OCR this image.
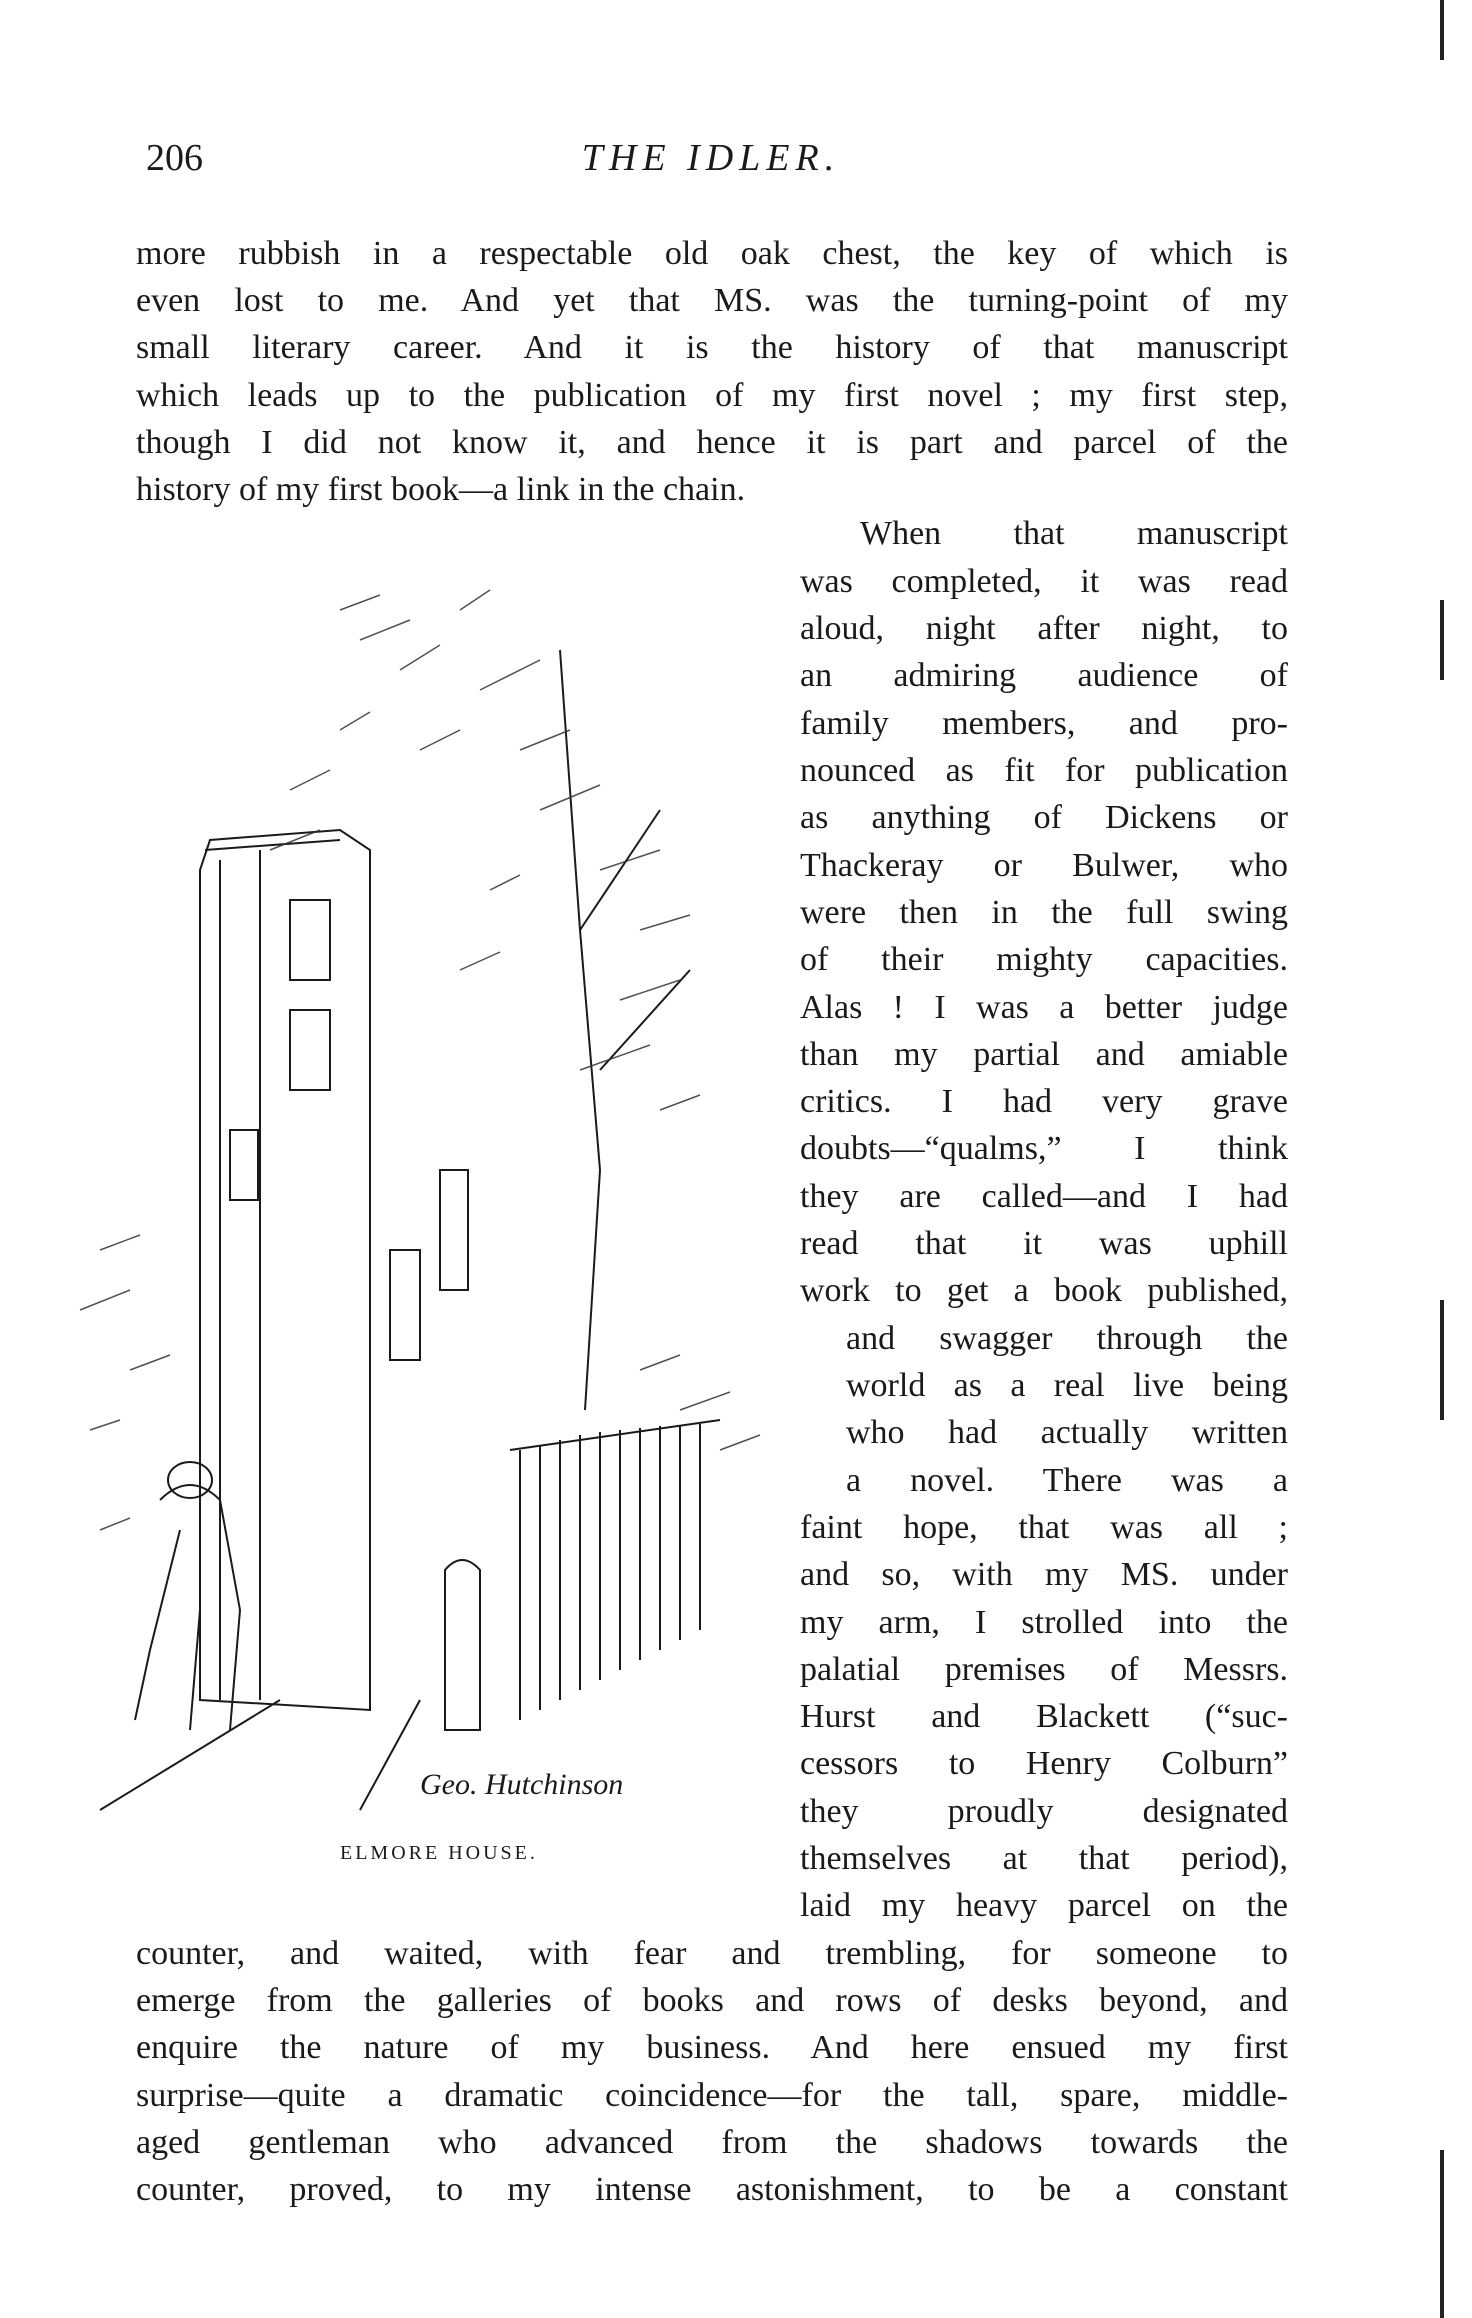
206	THE IDLER.
more rubbish in a respectable old oak chest, the key of which is
even lost to me. And yet that MS. was the turning-point of my
small literary career. And it is the history of that manuscript
which leads up to the publication of my first novel ; my first step,
though I did not know it, and hence it is part and parcel of the
history of my first book—a link in the chain.
Geo. Hutchinson
ELMORE HOUSE.
When that manuscript
was completed, it was read
aloud, night after night, to
an admiring audience of
family members, and pro-
nounced as fit for publication
as anything of Dickens or
Thackeray or Bulwer, who
were then in the full swing
of their mighty capacities.
Alas ! I was a better judge
than my partial and amiable
critics. I had very grave
doubts—“qualms,” I think
they are called—and I had
read that it was uphill
work to get a book published,
and swagger through the
world as a real live being
who had actually written
a novel. There was a
faint hope, that was all ;
and so, with my MS. under
my arm, I strolled into the
palatial premises of Messrs.
Hurst and Blackett (“suc-
cessors to Henry Colburn”
they proudly designated
themselves at that period),
laid my heavy parcel on the
counter, and waited, with fear and trembling, for someone to
emerge from the galleries of books and rows of desks beyond, and
enquire the nature of my business. And here ensued my first
surprise—quite a dramatic coincidence—for the tall, spare, middle-
aged gentleman who advanced from the shadows towards the
counter, proved, to my intense astonishment, to be a constant
